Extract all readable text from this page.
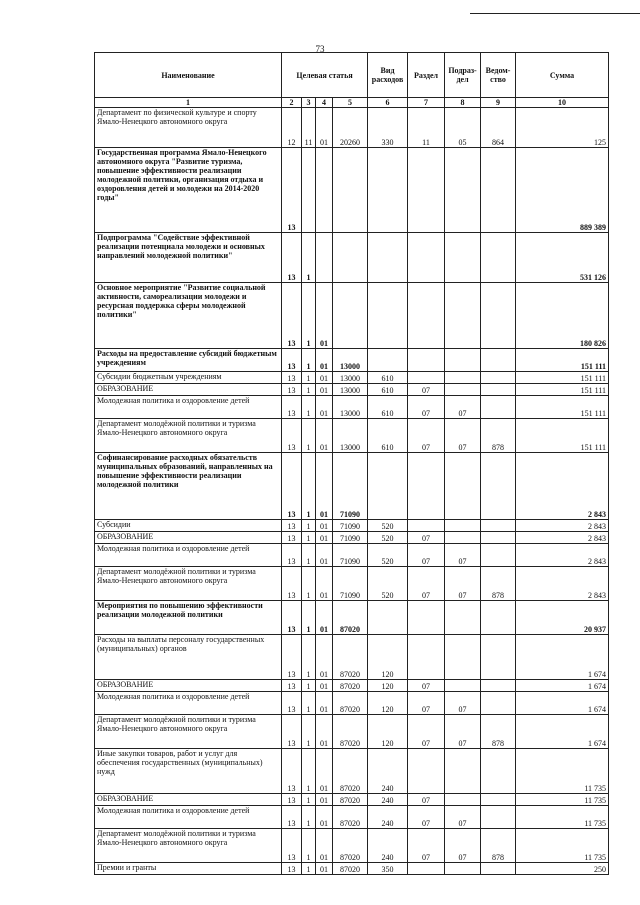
73
Наименование	Целевая статья				Вид расходов	Раздел	Подраз-дел	Ведом-ство	Сумма
1	2	3	4	5	6	7	8	9	10
Департамент по физической культуре и спорту Ямало-Ненецкого автономного округа	12	11	01	20260	330	11	05	864	125
Государственная программа Ямало-Ненецкого автономного округа "Развитие туризма, повышение эффективности реализации молодежной политики, организация отдыха и оздоровления детей и молодежи на 2014-2020 годы"	13								889 389
Подпрограмма "Содействие эффективной реализации потенциала молодежи и основных направлений молодежной политики"	13	1							531 126
Основное мероприятие "Развитие социальной активности, самореализации молодежи и ресурсная поддержка сферы молодежной политики"	13	1	01						180 826
Расходы на предоставление субсидий бюджетным учреждениям	13	1	01	13000					151 111
Субсидии бюджетным учреждениям	13	1	01	13000	610				151 111
ОБРАЗОВАНИЕ	13	1	01	13000	610	07			151 111
Молодежная политика и оздоровление детей	13	1	01	13000	610	07	07		151 111
Департамент молодёжной политики и туризма Ямало-Ненецкого автономного округа	13	1	01	13000	610	07	07	878	151 111
Софинансирование расходных обязательств муниципальных образований, направленных на повышение эффективности реализации молодежной политики	13	1	01	71090					2 843
Субсидии	13	1	01	71090	520				2 843
ОБРАЗОВАНИЕ	13	1	01	71090	520	07			2 843
Молодежная политика и оздоровление детей	13	1	01	71090	520	07	07		2 843
Департамент молодёжной политики и туризма Ямало-Ненецкого автономного округа	13	1	01	71090	520	07	07	878	2 843
Мероприятия по повышению эффективности реализации молодежной политики	13	1	01	87020					20 937
Расходы на выплаты персоналу государственных (муниципальных) органов	13	1	01	87020	120				1 674
ОБРАЗОВАНИЕ	13	1	01	87020	120	07			1 674
Молодежная политика и оздоровление детей	13	1	01	87020	120	07	07		1 674
Департамент молодёжной политики и туризма Ямало-Ненецкого автономного округа	13	1	01	87020	120	07	07	878	1 674
Иные закупки товаров, работ и услуг для обеспечения государственных (муниципальных) нужд	13	1	01	87020	240				11 735
ОБРАЗОВАНИЕ	13	1	01	87020	240	07			11 735
Молодежная политика и оздоровление детей	13	1	01	87020	240	07	07		11 735
Департамент молодёжной политики и туризма Ямало-Ненецкого автономного округа	13	1	01	87020	240	07	07	878	11 735
Премии и гранты	13	1	01	87020	350				250
